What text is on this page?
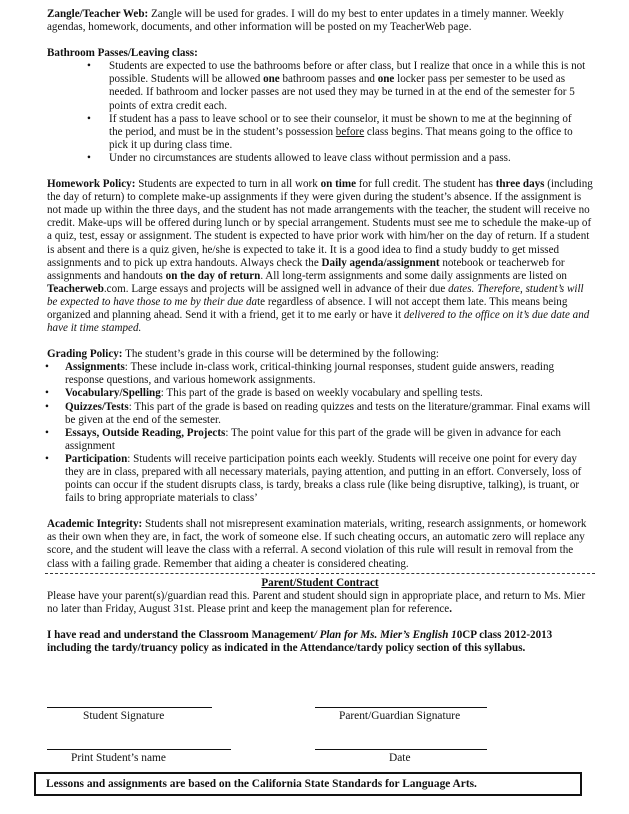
Zangle/Teacher Web: Zangle will be used for grades. I will do my best to enter updates in a timely manner. Weekly agendas, homework, documents, and other information will be posted on my TeacherWeb page.

Bathroom Passes/Leaving class:

• Students are expected to use the bathrooms before or after class, but I realize that once in a while this is not possible. Students will be allowed one bathroom passes and one locker pass per semester to be used as needed. If bathroom and locker passes are not used they may be turned in at the end of the semester for 5 points of extra credit each.
• If student has a pass to leave school or to see their counselor, it must be shown to me at the beginning of the period, and must be in the student’s possession before class begins. That means going to the office to pick it up during class time.
• Under no circumstances are students allowed to leave class without permission and a pass.

Homework Policy: Students are expected to turn in all work on time for full credit. The student has three days (including the day of return) to complete make-up assignments if they were given during the student’s absence. If the assignment is not made up within the three days, and the student has not made arrangements with the teacher, the student will receive no credit. Make-ups will be offered during lunch or by special arrangement. Students must see me to schedule the make-up of a quiz, test, essay or assignment. The student is expected to have prior work with him/her on the day of return. If a student is absent and there is a quiz given, he/she is expected to take it. It is a good idea to find a study buddy to get missed assignments and to pick up extra handouts. Always check the Daily agenda/assignment notebook or teacherweb for assignments and handouts on the day of return. All long-term assignments and some daily assignments are listed on Teacherweb.com. Large essays and projects will be assigned well in advance of their due dates. Therefore, student’s will be expected to have those to me by their due date regardless of absence. I will not accept them late. This means being organized and planning ahead. Send it with a friend, get it to me early or have it delivered to the office on it’s due date and have it time stamped.

Grading Policy: The student’s grade in this course will be determined by the following:

• Assignments: These include in-class work, critical-thinking journal responses, student guide answers, reading response questions, and various homework assignments.
• Vocabulary/Spelling: This part of the grade is based on weekly vocabulary and spelling tests.
• Quizzes/Tests: This part of the grade is based on reading quizzes and tests on the literature/grammar. Final exams will be given at the end of the semester.
• Essays, Outside Reading, Projects: The point value for this part of the grade will be given in advance for each assignment
• Participation: Students will receive participation points each weekly. Students will receive one point for every day they are in class, prepared with all necessary materials, paying attention, and putting in an effort. Conversely, loss of points can occur if the student disrupts class, is tardy, breaks a class rule (like being disruptive, talking), is truant, or fails to bring appropriate materials to class’

Academic Integrity: Students shall not misrepresent examination materials, writing, research assignments, or homework as their own when they are, in fact, the work of someone else. If such cheating occurs, an automatic zero will replace any score, and the student will leave the class with a referral. A second violation of this rule will result in removal from the class with a failing grade. Remember that aiding a cheater is considered cheating.

Parent/Student Contract

Please have your parent(s)/guardian read this. Parent and student should sign in appropriate place, and return to Ms. Mier no later than Friday, August 31st. Please print and keep the management plan for reference.

I have read and understand the Classroom Management/ Plan for Ms. Mier’s English 10CP class 2012-2013 including the tardy/truancy policy as indicated in the Attendance/tardy policy section of this syllabus.

Student Signature	Parent/Guardian Signature
Print Student’s name	Date
Lessons and assignments are based on the California State Standards for Language Arts.
